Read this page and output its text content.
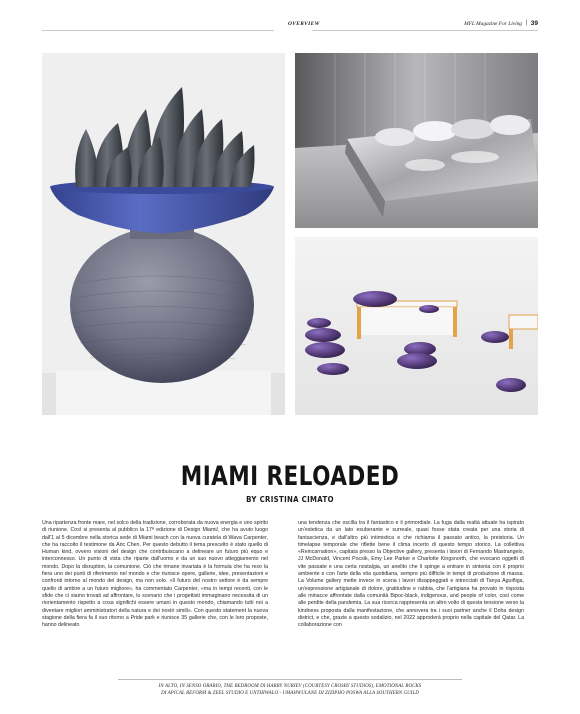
OVERVIEW	MFL Magazine For Living | 39
MIAMI RELOADED
BY CRISTINA CIMATO
Una ripartenza fronte mare, nel solco della tradizione, corroborata da nuova energia e uno spirito di riunione. Così si presenta al pubblico la 17ª edizione di Design Miami/, che ha avuto luogo dall'1 al 5 dicembre nella storica sede di Miami beach con la nuova curatela di Wava Carpenter, che ha raccolto il testimone da Aric Chen. Per questo debutto il tema prescelto è stato quello di Human kind, ovvero visioni del design che contribuiscano a delineare un futuro più equo e interconnesso. Un punto di vista che riparte dall'uomo e da un suo nuovo atteggiamento nel mondo. Dopo la disruption, la comunione. Ciò che rimane invariata è la formula che ha reso la fiera uno dei punti di riferimento nel mondo e che riunisce opere, gallerie, idee, presentazioni e confronti intorno al mondo del design, ma non solo. «Il futuro del nostro settore è da sempre quello di ambire a un futuro migliore», ha commentato Carpenter, «ma in tempi recenti, con le sfide che ci siamo trovati ad affrontare, lo scenario che i progettisti immaginano necessita di un riorientamento rispetto a cosa significhi essere umani in questo mondo, chiamando tutti noi a diventare migliori amministratori della natura e dei nostri simili». Con questo statement la nuova stagione della fiera fa il suo ritorno a Pride park e riunisce 35 gallerie che, con le loro proposte, hanno delineato
una tendenza che oscilla tra il fantastico e il primordiale. La fuga dalla realtà attuale ha ispirato un'estetica da un lato esuberante e surreale, quasi fosse stata creata per una storia di fantascienza, e dall'altro più intimistica e che richiama il passato antico, la preistoria. Un timelapse temporale che riflette bene il clima incerto di questo tempo storico. La collettiva «Reincarnation», capitata presso la Objective gallery, presenta i lavori di Fernando Mastrangelo, JJ McDonald, Vincent Pocsik, Emy Lee Parker e Charlotte Kingsnorth, che evocano oggetti di vite passate e una certa nostalgia, un anelito che li spinge a entrare in sintonia con il proprio ambiente e con l'arte della vita quotidiana, sempre più difficile in tempi di produzione di massa. La Volume gallery mette invece in scena i lavori disappeggiati e intrecciati di Tanya Aguiñiga, un'espressione artigianale di dolore, gratitudine e rabbia, che l'artigiana ha provato in risposta alle minacce affrontate dalla comunità Bipoc-black, indigenous, and people of color, così come alle perdite della pandemia. La sua ricerca rappresenta un altro volto di questa tensione verso la kindness proposta dalla manifestazione, che annovera tra i suoi partner anche il Doha design district, e che, grazie a questo sodalizio, nel 2022 approderà proprio nella capitale del Qatar. La collaborazione con
IN ALTO, IN SENSO ORARIO, THE BEDROOM DI HARRY NURIEV (COURTESY CROSBY STUDIOS), EMOTIONAL ROCKS
DI APICAL REFORM & ZEEL STUDIO E UNTHIWALO - UMAHWULANE DI ZIZIPHO POSWA ALLA SOUTHERN GUILD
